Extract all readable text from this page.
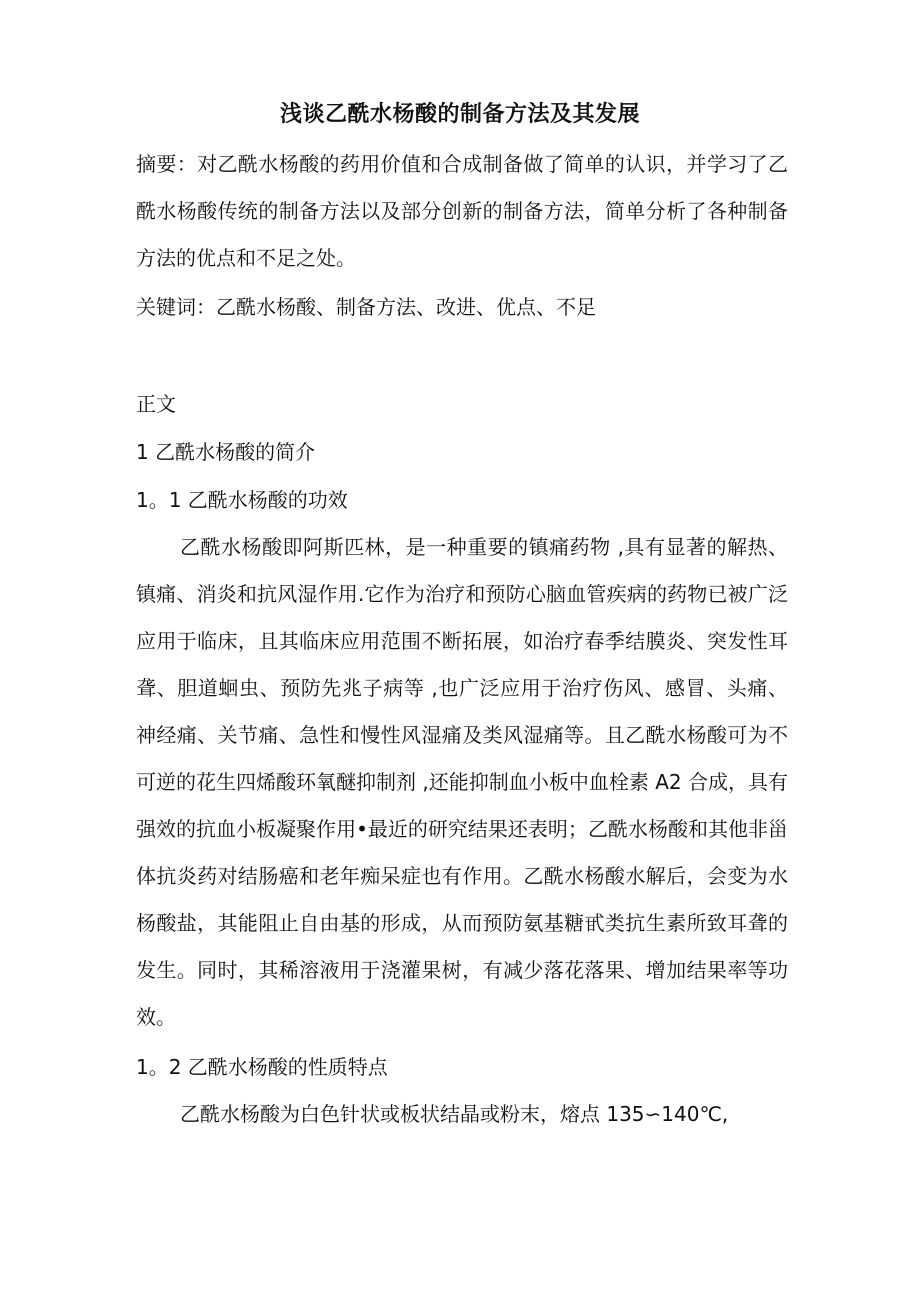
浅谈乙酰水杨酸的制备方法及其发展

摘要：对乙酰水杨酸的药用价值和合成制备做了简单的认识，并学习了乙酰水杨酸传统的制备方法以及部分创新的制备方法，简单分析了各种制备方法的优点和不足之处。

关键词：乙酰水杨酸、制备方法、改进、优点、不足

正文

1 乙酰水杨酸的简介

1。1 乙酰水杨酸的功效

乙酰水杨酸即阿斯匹林，是一种重要的镇痛药物 ,具有显著的解热、镇痛、消炎和抗风湿作用.它作为治疗和预防心脑血管疾病的药物已被广泛应用于临床，且其临床应用范围不断拓展，如治疗春季结膜炎、突发性耳聋、胆道蛔虫、预防先兆子病等 ,也广泛应用于治疗伤风、感冒、头痛、神经痛、关节痛、急性和慢性风湿痛及类风湿痛等。且乙酰水杨酸可为不可逆的花生四烯酸环氧醚抑制剂 ,还能抑制血小板中血栓素 A2 合成，具有强效的抗血小板凝聚作用•最近的研究结果还表明；乙酰水杨酸和其他非甾体抗炎药对结肠癌和老年痴呆症也有作用。乙酰水杨酸水解后，会变为水杨酸盐，其能阻止自由基的形成，从而预防氨基糖甙类抗生素所致耳聋的发生。同时，其稀溶液用于浇灌果树，有减少落花落果、增加结果率等功效。

1。2 乙酰水杨酸的性质特点

乙酰水杨酸为白色针状或板状结晶或粉末，熔点 135∽140℃,
